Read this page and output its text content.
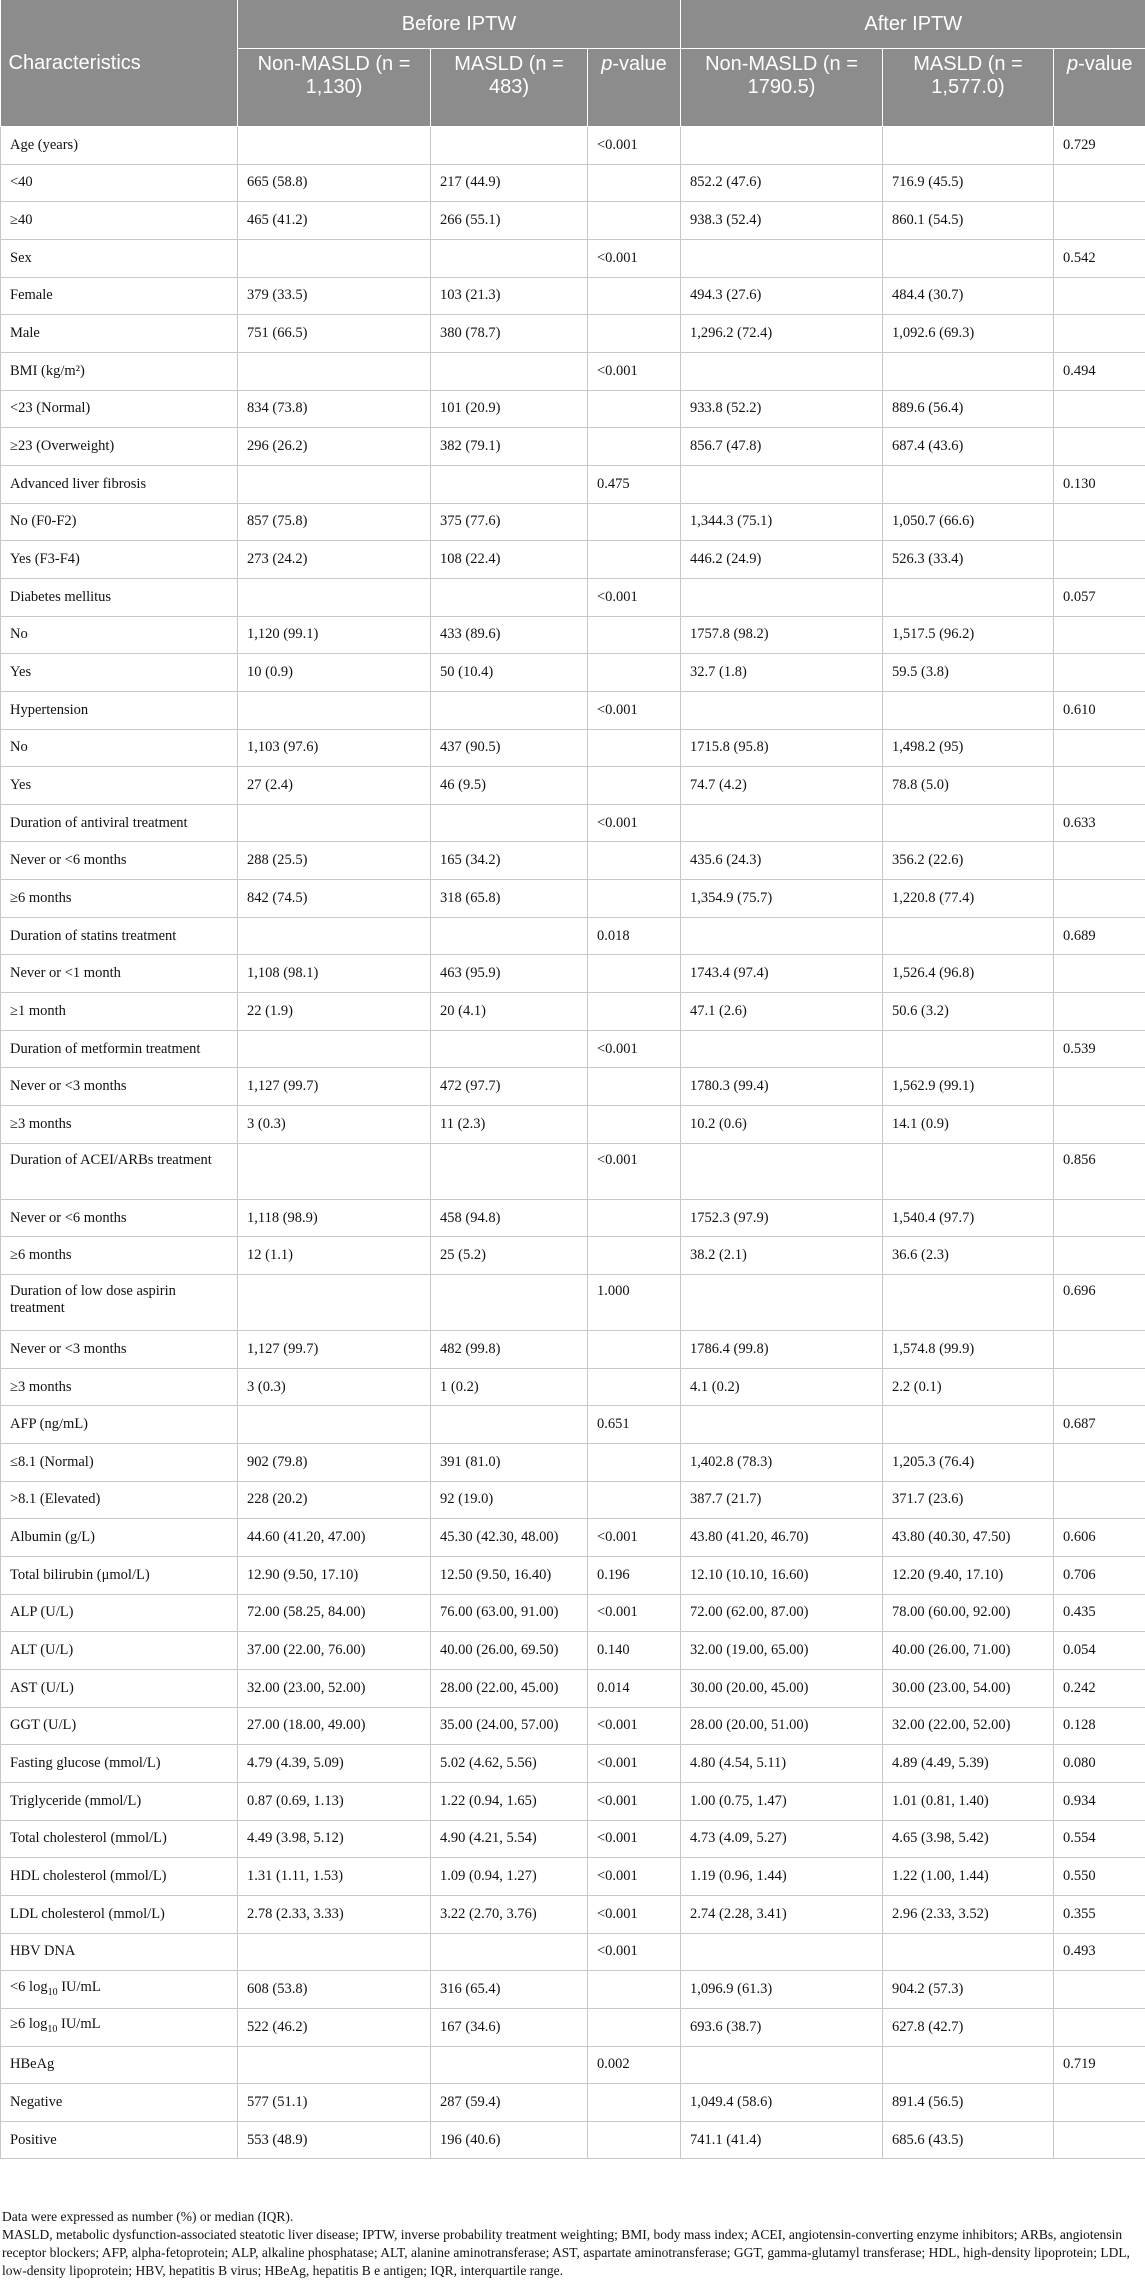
Characteristics	Before IPTW			After IPTW		
	Non-MASLD (n = 1,130)	MASLD (n = 483)	p-value	Non-MASLD (n = 1790.5)	MASLD (n = 1,577.0)	p-value
Age (years)			<0.001			0.729
<40	665 (58.8)	217 (44.9)		852.2 (47.6)	716.9 (45.5)	
≥40	465 (41.2)	266 (55.1)		938.3 (52.4)	860.1 (54.5)	
Sex			<0.001			0.542
Female	379 (33.5)	103 (21.3)		494.3 (27.6)	484.4 (30.7)	
Male	751 (66.5)	380 (78.7)		1,296.2 (72.4)	1,092.6 (69.3)	
BMI (kg/m²)			<0.001			0.494
<23 (Normal)	834 (73.8)	101 (20.9)		933.8 (52.2)	889.6 (56.4)	
≥23 (Overweight)	296 (26.2)	382 (79.1)		856.7 (47.8)	687.4 (43.6)	
Advanced liver fibrosis			0.475			0.130
No (F0-F2)	857 (75.8)	375 (77.6)		1,344.3 (75.1)	1,050.7 (66.6)	
Yes (F3-F4)	273 (24.2)	108 (22.4)		446.2 (24.9)	526.3 (33.4)	
Diabetes mellitus			<0.001			0.057
No	1,120 (99.1)	433 (89.6)		1757.8 (98.2)	1,517.5 (96.2)	
Yes	10 (0.9)	50 (10.4)		32.7 (1.8)	59.5 (3.8)	
Hypertension			<0.001			0.610
No	1,103 (97.6)	437 (90.5)		1715.8 (95.8)	1,498.2 (95)	
Yes	27 (2.4)	46 (9.5)		74.7 (4.2)	78.8 (5.0)	
Duration of antiviral treatment			<0.001			0.633
Never or <6 months	288 (25.5)	165 (34.2)		435.6 (24.3)	356.2 (22.6)	
≥6 months	842 (74.5)	318 (65.8)		1,354.9 (75.7)	1,220.8 (77.4)	
Duration of statins treatment			0.018			0.689
Never or <1 month	1,108 (98.1)	463 (95.9)		1743.4 (97.4)	1,526.4 (96.8)	
≥1 month	22 (1.9)	20 (4.1)		47.1 (2.6)	50.6 (3.2)	
Duration of metformin treatment			<0.001			0.539
Never or <3 months	1,127 (99.7)	472 (97.7)		1780.3 (99.4)	1,562.9 (99.1)	
≥3 months	3 (0.3)	11 (2.3)		10.2 (0.6)	14.1 (0.9)	
Duration of ACEI/ARBs treatment			<0.001			0.856
Never or <6 months	1,118 (98.9)	458 (94.8)		1752.3 (97.9)	1,540.4 (97.7)	
≥6 months	12 (1.1)	25 (5.2)		38.2 (2.1)	36.6 (2.3)	
Duration of low dose aspirin treatment			1.000			0.696
Never or <3 months	1,127 (99.7)	482 (99.8)		1786.4 (99.8)	1,574.8 (99.9)	
≥3 months	3 (0.3)	1 (0.2)		4.1 (0.2)	2.2 (0.1)	
AFP (ng/mL)			0.651			0.687
≤8.1 (Normal)	902 (79.8)	391 (81.0)		1,402.8 (78.3)	1,205.3 (76.4)	
>8.1 (Elevated)	228 (20.2)	92 (19.0)		387.7 (21.7)	371.7 (23.6)	
Albumin (g/L)	44.60 (41.20, 47.00)	45.30 (42.30, 48.00)	<0.001	43.80 (41.20, 46.70)	43.80 (40.30, 47.50)	0.606
Total bilirubin (μmol/L)	12.90 (9.50, 17.10)	12.50 (9.50, 16.40)	0.196	12.10 (10.10, 16.60)	12.20 (9.40, 17.10)	0.706
ALP (U/L)	72.00 (58.25, 84.00)	76.00 (63.00, 91.00)	<0.001	72.00 (62.00, 87.00)	78.00 (60.00, 92.00)	0.435
ALT (U/L)	37.00 (22.00, 76.00)	40.00 (26.00, 69.50)	0.140	32.00 (19.00, 65.00)	40.00 (26.00, 71.00)	0.054
AST (U/L)	32.00 (23.00, 52.00)	28.00 (22.00, 45.00)	0.014	30.00 (20.00, 45.00)	30.00 (23.00, 54.00)	0.242
GGT (U/L)	27.00 (18.00, 49.00)	35.00 (24.00, 57.00)	<0.001	28.00 (20.00, 51.00)	32.00 (22.00, 52.00)	0.128
Fasting glucose (mmol/L)	4.79 (4.39, 5.09)	5.02 (4.62, 5.56)	<0.001	4.80 (4.54, 5.11)	4.89 (4.49, 5.39)	0.080
Triglyceride (mmol/L)	0.87 (0.69, 1.13)	1.22 (0.94, 1.65)	<0.001	1.00 (0.75, 1.47)	1.01 (0.81, 1.40)	0.934
Total cholesterol (mmol/L)	4.49 (3.98, 5.12)	4.90 (4.21, 5.54)	<0.001	4.73 (4.09, 5.27)	4.65 (3.98, 5.42)	0.554
HDL cholesterol (mmol/L)	1.31 (1.11, 1.53)	1.09 (0.94, 1.27)	<0.001	1.19 (0.96, 1.44)	1.22 (1.00, 1.44)	0.550
LDL cholesterol (mmol/L)	2.78 (2.33, 3.33)	3.22 (2.70, 3.76)	<0.001	2.74 (2.28, 3.41)	2.96 (2.33, 3.52)	0.355
HBV DNA			<0.001			0.493
<6 $\log_{10} IU/mL$	608 (53.8)	316 (65.4)		1,096.9 (61.3)	904.2 (57.3)	
≥6 $\log_{10} IU/mL$	522 (46.2)	167 (34.6)		693.6 (38.7)	627.8 (42.7)	
HBeAg			0.002			0.719
Negative	577 (51.1)	287 (59.4)		1,049.4 (58.6)	891.4 (56.5)	
Positive	553 (48.9)	196 (40.6)		741.1 (41.4)	685.6 (43.5)	

Data were expressed as number (%) or median (IQR).

MASLD, metabolic dysfunction-associated steatotic liver disease; IPTW, inverse probability treatment weighting; BMI, body mass index; ACEI, angiotensin-converting enzyme inhibitors; ARBs, angiotensin receptor blockers; AFP, alpha-fetoprotein; ALP, alkaline phosphatase; ALT, alanine aminotransferase; AST, aspartate aminotransferase; GGT, gamma-glutamyl transferase; HDL, high-density lipoprotein; LDL, low-density lipoprotein; HBV, hepatitis B virus; HBeAg, hepatitis B e antigen; IQR, interquartile range.
